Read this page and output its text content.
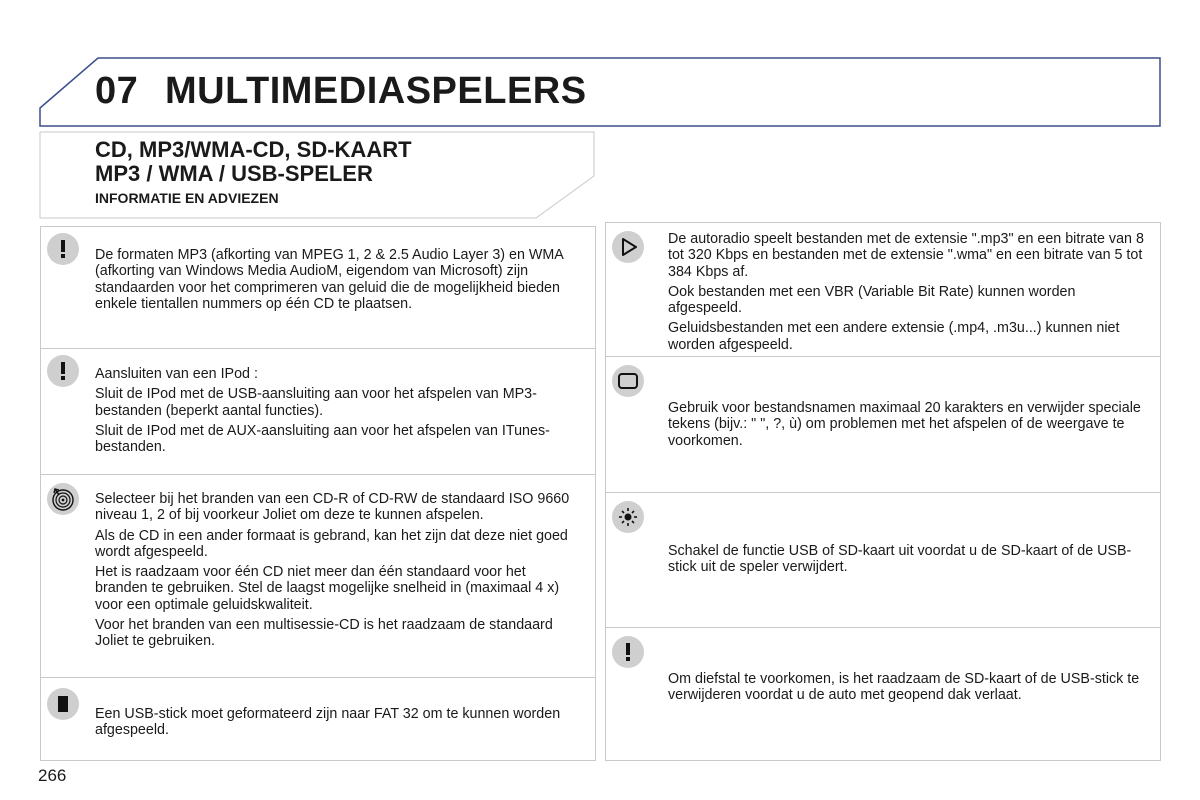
07 MULTIMEDIASPELERS
CD, MP3/WMA-CD, SD-KAART
MP3 / WMA / USB-SPELER
INFORMATIE EN ADVIEZEN

De formaten MP3 (afkorting van MPEG 1, 2 & 2.5 Audio Layer 3) en WMA (afkorting van Windows Media AudioM, eigendom van Microsoft) zijn standaarden voor het comprimeren van geluid die de mogelijkheid bieden enkele tientallen nummers op één CD te plaatsen.

Aansluiten van een IPod :

Sluit de IPod met de USB-aansluiting aan voor het afspelen van MP3-bestanden (beperkt aantal functies).

Sluit de IPod met de AUX-aansluiting aan voor het afspelen van ITunes-bestanden.

Selecteer bij het branden van een CD-R of CD-RW de standaard ISO 9660 niveau 1, 2 of bij voorkeur Joliet om deze te kunnen afspelen.

Als de CD in een ander formaat is gebrand, kan het zijn dat deze niet goed wordt afgespeeld.

Het is raadzaam voor één CD niet meer dan één standaard voor het branden te gebruiken. Stel de laagst mogelijke snelheid in (maximaal 4 x) voor een optimale geluidskwaliteit.

Voor het branden van een multisessie-CD is het raadzaam de standaard Joliet te gebruiken.

Een USB-stick moet geformateerd zijn naar FAT 32 om te kunnen worden afgespeeld.

De autoradio speelt bestanden met de extensie ".mp3" en een bitrate van 8 tot 320 Kbps en bestanden met de extensie ".wma" en een bitrate van 5 tot 384 Kbps af.

Ook bestanden met een VBR (Variable Bit Rate) kunnen worden afgespeeld.

Geluidsbestanden met een andere extensie (.mp4, .m3u...) kunnen niet worden afgespeeld.

Gebruik voor bestandsnamen maximaal 20 karakters en verwijder speciale tekens (bijv.: " ", ?, ù) om problemen met het afspelen of de weergave te voorkomen.

Schakel de functie USB of SD-kaart uit voordat u de SD-kaart of de USB-stick uit de speler verwijdert.

Om diefstal te voorkomen, is het raadzaam de SD-kaart of de USB-stick te verwijderen voordat u de auto met geopend dak verlaat.

266
